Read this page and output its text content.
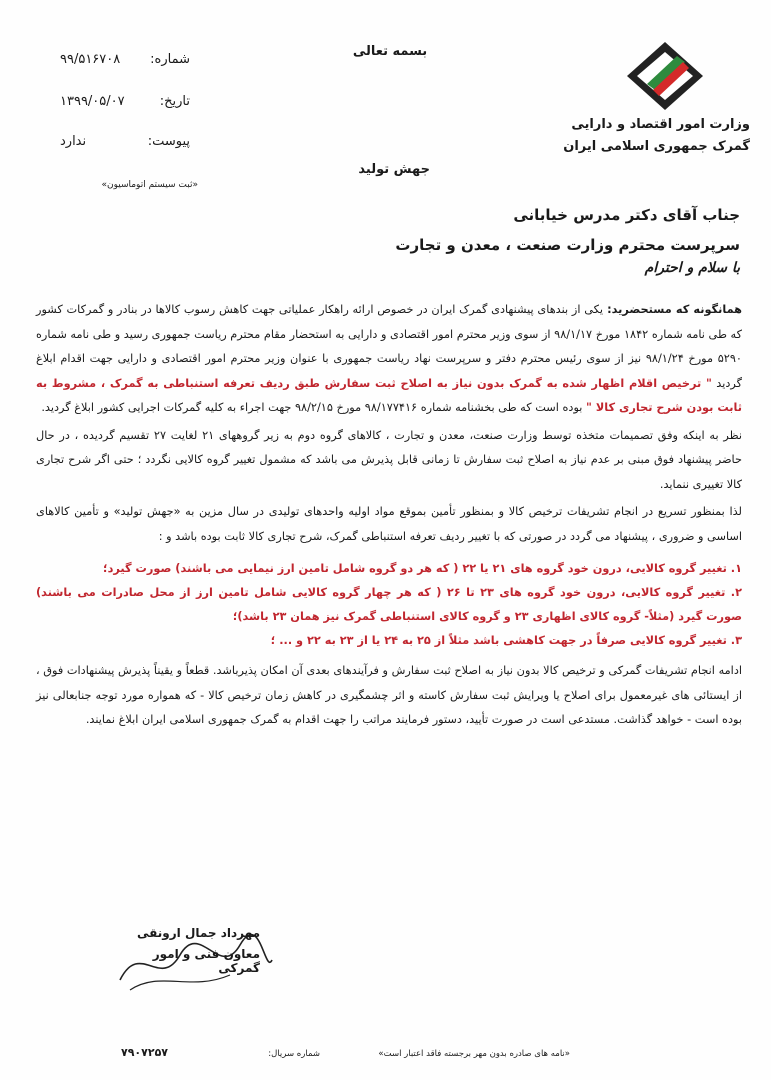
بسمه تعالی
وزارت امور اقتصاد و دارایی
گمرک جمهوری اسلامی ایران
شماره:
۹۹/۵۱۶۷۰۸
تاریخ:
۱۳۹۹/۰۵/۰۷
پیوست:
ندارد
«ثبت سیستم اتوماسیون»
جهش تولید
جناب آقای دکتر مدرس خیابانی
سرپرست محترم وزارت صنعت ، معدن و تجارت
با سلام و احترام

همانگونه که مستحضرید: یکی از بندهای پیشنهادی گمرک ایران در خصوص ارائه راهکار عملیاتی جهت کاهش رسوب کالاها در بنادر و گمرکات کشور که طی نامه شماره ۱۸۴۲ مورخ ۹۸/۱/۱۷ از سوی وزیر محترم امور اقتصادی و دارایی به استحضار مقام محترم ریاست جمهوری رسید و طی نامه شماره ۵۲۹۰ مورخ ۹۸/۱/۲۴ نیز از سوی رئیس محترم دفتر و سرپرست نهاد ریاست جمهوری با عنوان وزیر محترم امور اقتصادی و دارایی جهت اقدام ابلاغ گردید " ترخیص اقلام اظهار شده به گمرک بدون نیاز به اصلاح ثبت سفارش طبق ردیف تعرفه استنباطی به گمرک ، مشروط به ثابت بودن شرح تجاری کالا " بوده است که طی بخشنامه شماره ۹۸/۱۷۷۴۱۶ مورخ ۹۸/۲/۱۵ جهت اجراء به کلیه گمرکات اجرایی کشور ابلاغ گردید.

نظر به اینکه وفق تصمیمات متخذه توسط وزارت صنعت، معدن و تجارت ، کالاهای گروه دوم به زیر گروههای ۲۱ لغایت ۲۷ تقسیم گردیده ، در حال حاضر پیشنهاد فوق مبنی بر عدم نیاز به اصلاح ثبت سفارش تا زمانی قابل پذیرش می باشد که مشمول تغییر گروه کالایی نگردد ؛ حتی اگر شرح تجاری کالا تغییری ننماید.

لذا بمنظور تسریع در انجام تشریفات ترخیص کالا و بمنظور تأمین بموقع مواد اولیه واحدهای تولیدی در سال مزین به «جهش تولید» و تأمین کالاهای اساسی و ضروری ، پیشنهاد می گردد در صورتی که با تغییر ردیف تعرفه استنباطی گمرک، شرح تجاری کالا ثابت بوده باشد و :

۱. تغییر گروه کالایی، درون خود گروه های ۲۱ یا ۲۲ ( که هر دو گروه شامل تامین ارز نیمایی می باشند) صورت گیرد؛
۲. تغییر گروه کالایی، درون خود گروه های ۲۳ تا ۲۶ ( که هر چهار گروه کالایی شامل تامین ارز از محل صادرات می باشند) صورت گیرد (مثلاً- گروه کالای اظهاری ۲۳ و گروه کالای استنباطی گمرک نیز همان ۲۳ باشد)؛
۳. تغییر گروه کالایی صرفاً در جهت کاهشی باشد مثلاً از ۲۵ به ۲۴ یا از ۲۳ به ۲۲ و ... ؛

ادامه انجام تشریفات گمرکی و ترخیص کالا بدون نیاز به اصلاح ثبت سفارش و فرآیندهای بعدی آن امکان پذیرباشد. قطعاً و یقیناً پذیرش پیشنهادات فوق ، از ایستائی های غیرمعمول برای اصلاح یا ویرایش ثبت سفارش کاسته و اثر چشمگیری در کاهش زمان ترخیص کالا - که همواره مورد توجه جنابعالی نیز بوده است - خواهد گذاشت. مستدعی است در صورت تأیید، دستور فرمایند مراتب را جهت اقدام به گمرک جمهوری اسلامی ایران ابلاغ نمایند.

مهرداد جمال ارونقی
معاون فنی و امور گمرکی
«نامه های صادره بدون مهر برجسته فاقد اعتبار است»
شماره سریال:
۷۹۰۷۲۵۷
